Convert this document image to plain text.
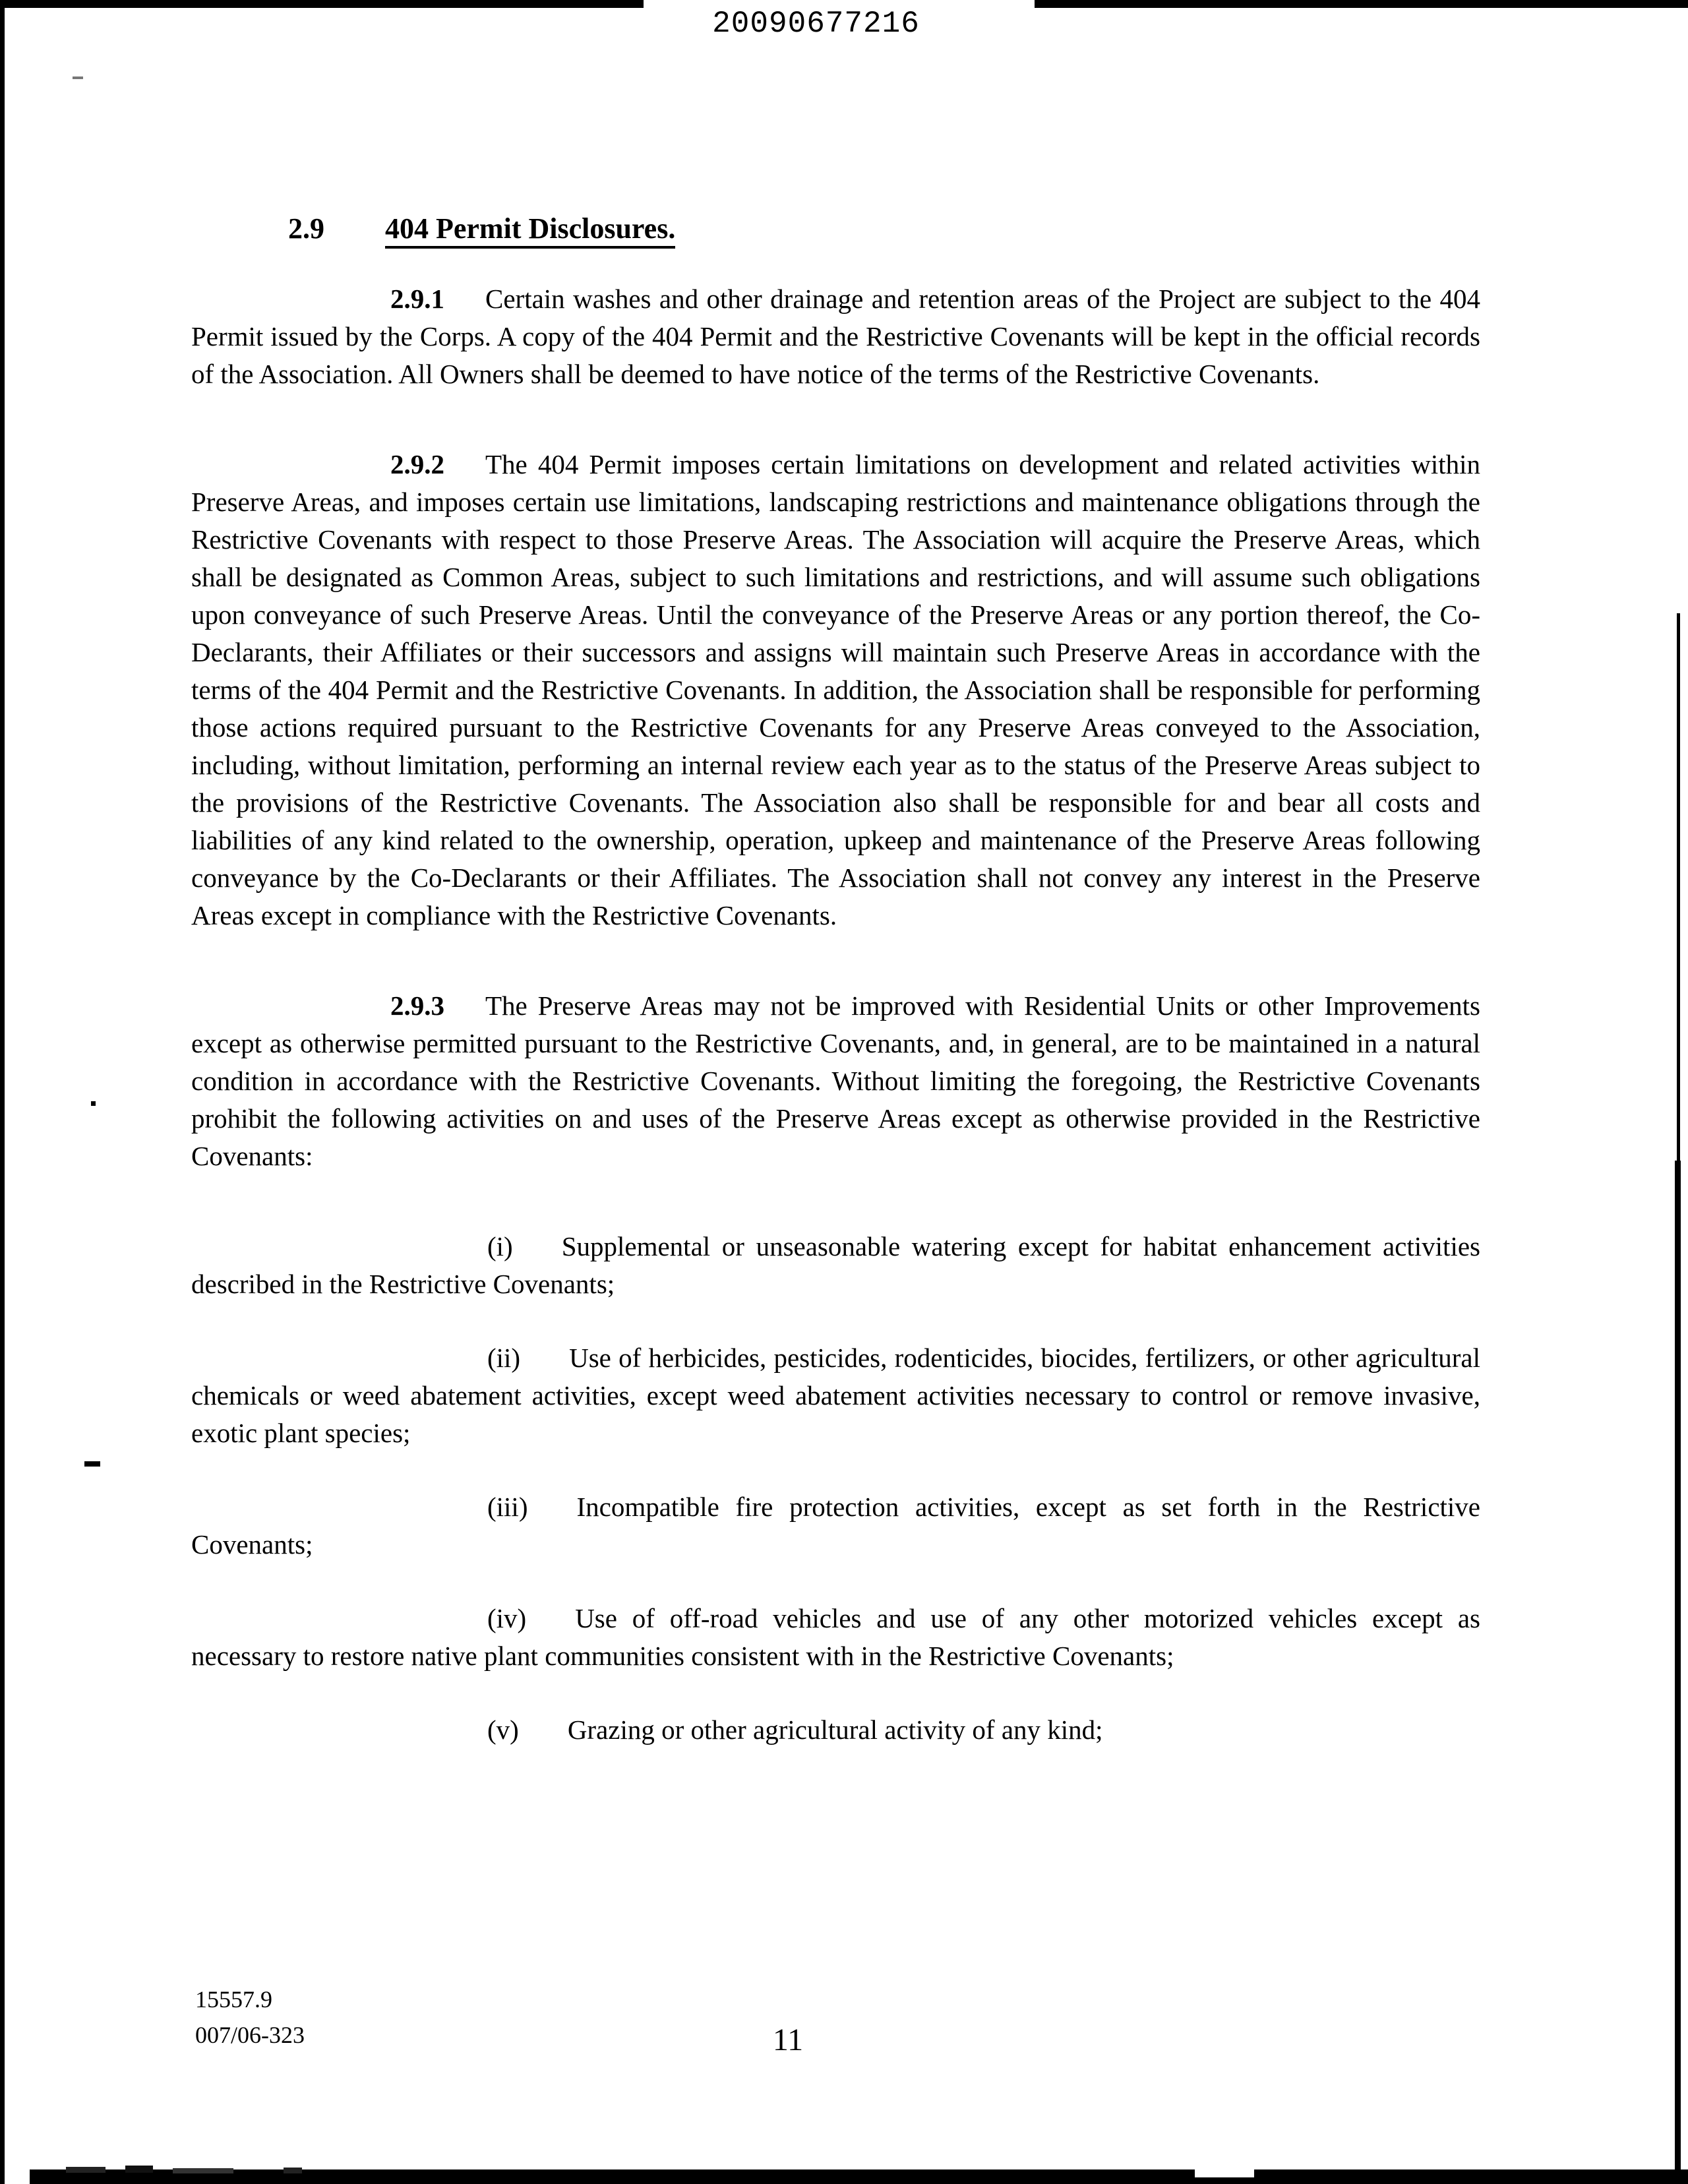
20090677216
2.9 404 Permit Disclosures.

2.9.1 Certain washes and other drainage and retention areas of the Project are subject to the 404 Permit issued by the Corps. A copy of the 404 Permit and the Restrictive Covenants will be kept in the official records of the Association. All Owners shall be deemed to have notice of the terms of the Restrictive Covenants.

2.9.2 The 404 Permit imposes certain limitations on development and related activities within Preserve Areas, and imposes certain use limitations, landscaping restrictions and maintenance obligations through the Restrictive Covenants with respect to those Preserve Areas. The Association will acquire the Preserve Areas, which shall be designated as Common Areas, subject to such limitations and restrictions, and will assume such obligations upon conveyance of such Preserve Areas. Until the conveyance of the Preserve Areas or any portion thereof, the Co-Declarants, their Affiliates or their successors and assigns will maintain such Preserve Areas in accordance with the terms of the 404 Permit and the Restrictive Covenants. In addition, the Association shall be responsible for performing those actions required pursuant to the Restrictive Covenants for any Preserve Areas conveyed to the Association, including, without limitation, performing an internal review each year as to the status of the Preserve Areas subject to the provisions of the Restrictive Covenants. The Association also shall be responsible for and bear all costs and liabilities of any kind related to the ownership, operation, upkeep and maintenance of the Preserve Areas following conveyance by the Co-Declarants or their Affiliates. The Association shall not convey any interest in the Preserve Areas except in compliance with the Restrictive Covenants.

2.9.3 The Preserve Areas may not be improved with Residential Units or other Improvements except as otherwise permitted pursuant to the Restrictive Covenants, and, in general, are to be maintained in a natural condition in accordance with the Restrictive Covenants. Without limiting the foregoing, the Restrictive Covenants prohibit the following activities on and uses of the Preserve Areas except as otherwise provided in the Restrictive Covenants:

(i) Supplemental or unseasonable watering except for habitat enhancement activities described in the Restrictive Covenants;

(ii) Use of herbicides, pesticides, rodenticides, biocides, fertilizers, or other agricultural chemicals or weed abatement activities, except weed abatement activities necessary to control or remove invasive, exotic plant species;

(iii) Incompatible fire protection activities, except as set forth in the Restrictive Covenants;

(iv) Use of off-road vehicles and use of any other motorized vehicles except as necessary to restore native plant communities consistent with in the Restrictive Covenants;

(v) Grazing or other agricultural activity of any kind;

15557.9
007/06-323	11
